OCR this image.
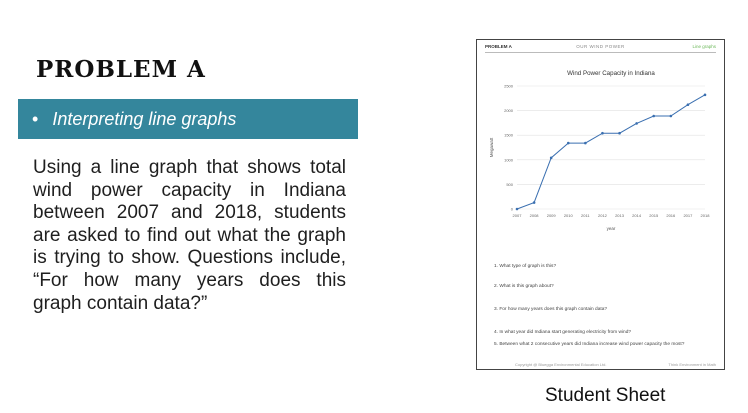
PROBLEM A
• Interpreting line graphs

Using a line graph that shows total wind power capacity in Indiana between 2007 and 2018, students are asked to find out what the graph is trying to show. Questions include, “For how many years does this graph contain data?”

OUR WIND POWER
PROBLEM A	Line graphs
Wind Power Capacity in Indiana
Megawatt
year
0
500
1000
1500
2000
2500
2007 2008 2009 2010 2011 2012 2013 2014 2015 2016 2017 2018
1. What type of graph is this?
2. What is this graph about?
3. For how many years does this graph contain data?
4. In what year did Indiana start generating electricity from wind?
5. Between what 2 consecutive years did Indiana increase wind power capacity the most?
Copyright @ Bluegga Environmental Education Ltd.	Think Environment in Math

Student Sheet
